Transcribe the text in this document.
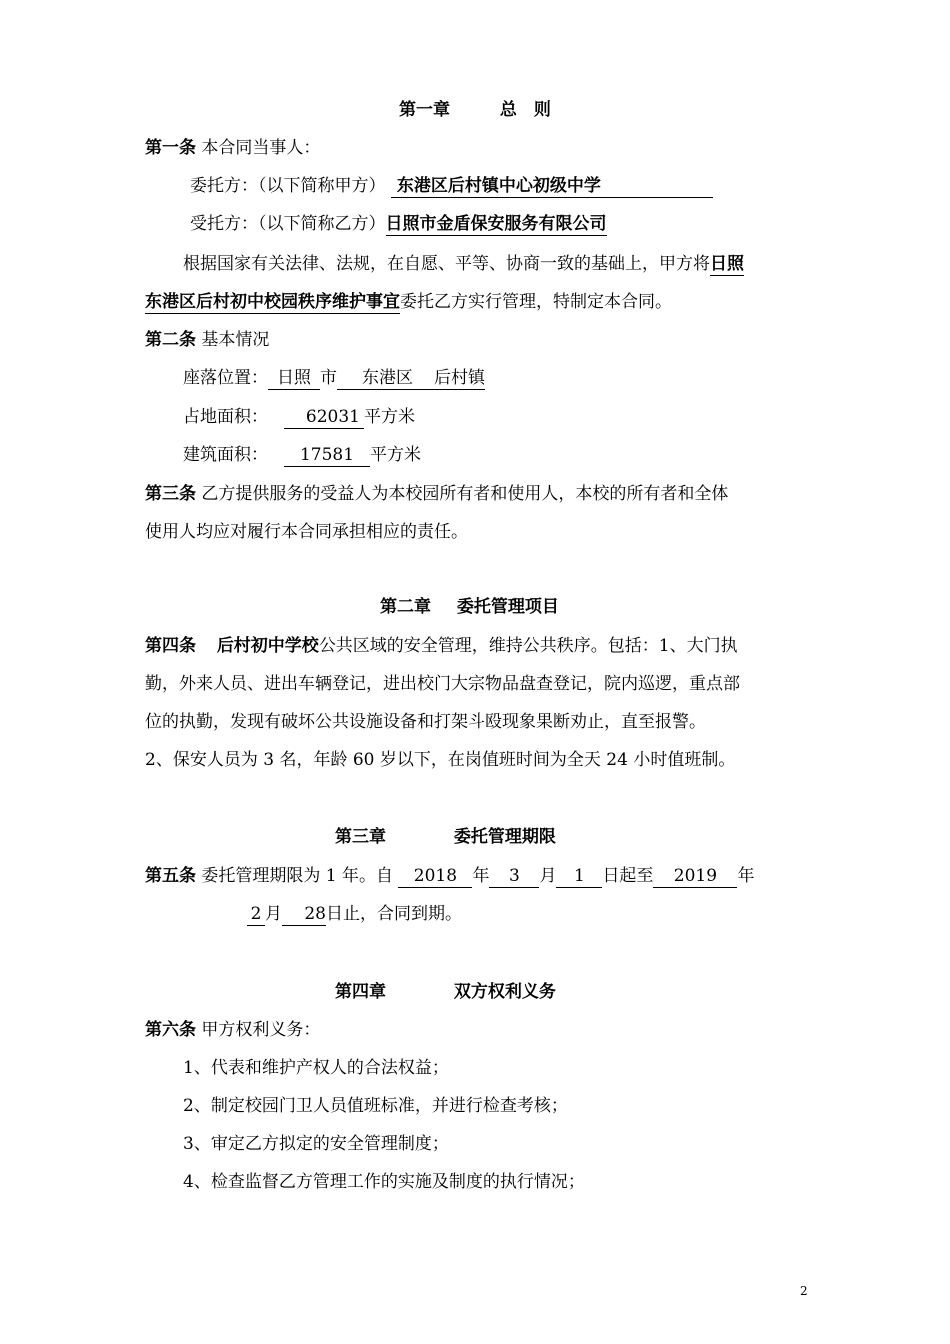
第一章	总　则
第一条 本合同当事人：
委托方：（以下简称甲方） 东港区后村镇中心初级中学
受托方：（以下简称乙方）日照市金盾保安服务有限公司
根据国家有关法律、法规，在自愿、平等、协商一致的基础上，甲方将日照
东港区后村初中校园秩序维护事宜委托乙方实行管理，特制定本合同。
第二条 基本情况
座落位置： 日照 市 东港区 后村镇
占地面积： 62031 平方米
建筑面积： 17581 平方米
第三条 乙方提供服务的受益人为本校园所有者和使用人，本校的所有者和全体
使用人均应对履行本合同承担相应的责任。
第二章 委托管理项目
第四条 后村初中学校公共区域的安全管理，维持公共秩序。包括：1、大门执
勤，外来人员、进出车辆登记，进出校门大宗物品盘查登记，院内巡逻，重点部
位的执勤，发现有破坏公共设施设备和打架斗殴现象果断劝止，直至报警。
2、保安人员为 3 名，年龄 60 岁以下，在岗值班时间为全天 24 小时值班制。
第三章	委托管理期限
第五条 委托管理期限为 1 年。自 2018 年 3 月 1 日起至 2019 年
2 月 28日止，合同到期。
第四章	双方权利义务
第六条 甲方权利义务：
1、代表和维护产权人的合法权益；
2、制定校园门卫人员值班标准，并进行检查考核；
3、审定乙方拟定的安全管理制度；
4、检查监督乙方管理工作的实施及制度的执行情况；
2
